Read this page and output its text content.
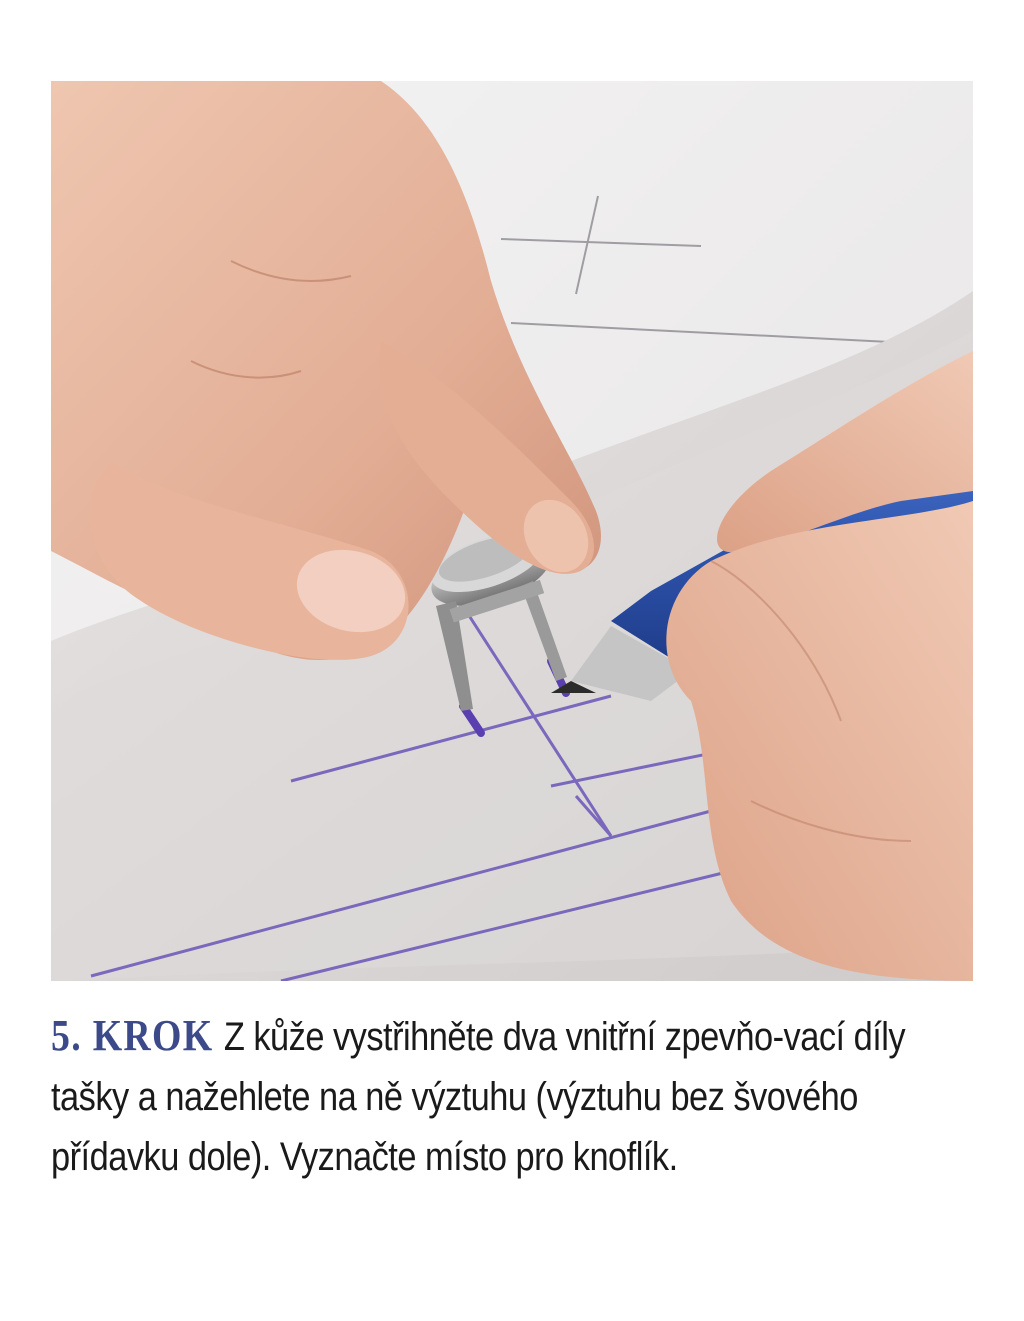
5. KROK Z kůže vystřihněte dva vnitřní zpevňo-vací díly tašky a nažehlete na ně výztuhu (výztuhu bez švového přídavku dole). Vyznačte místo pro knoflík.
